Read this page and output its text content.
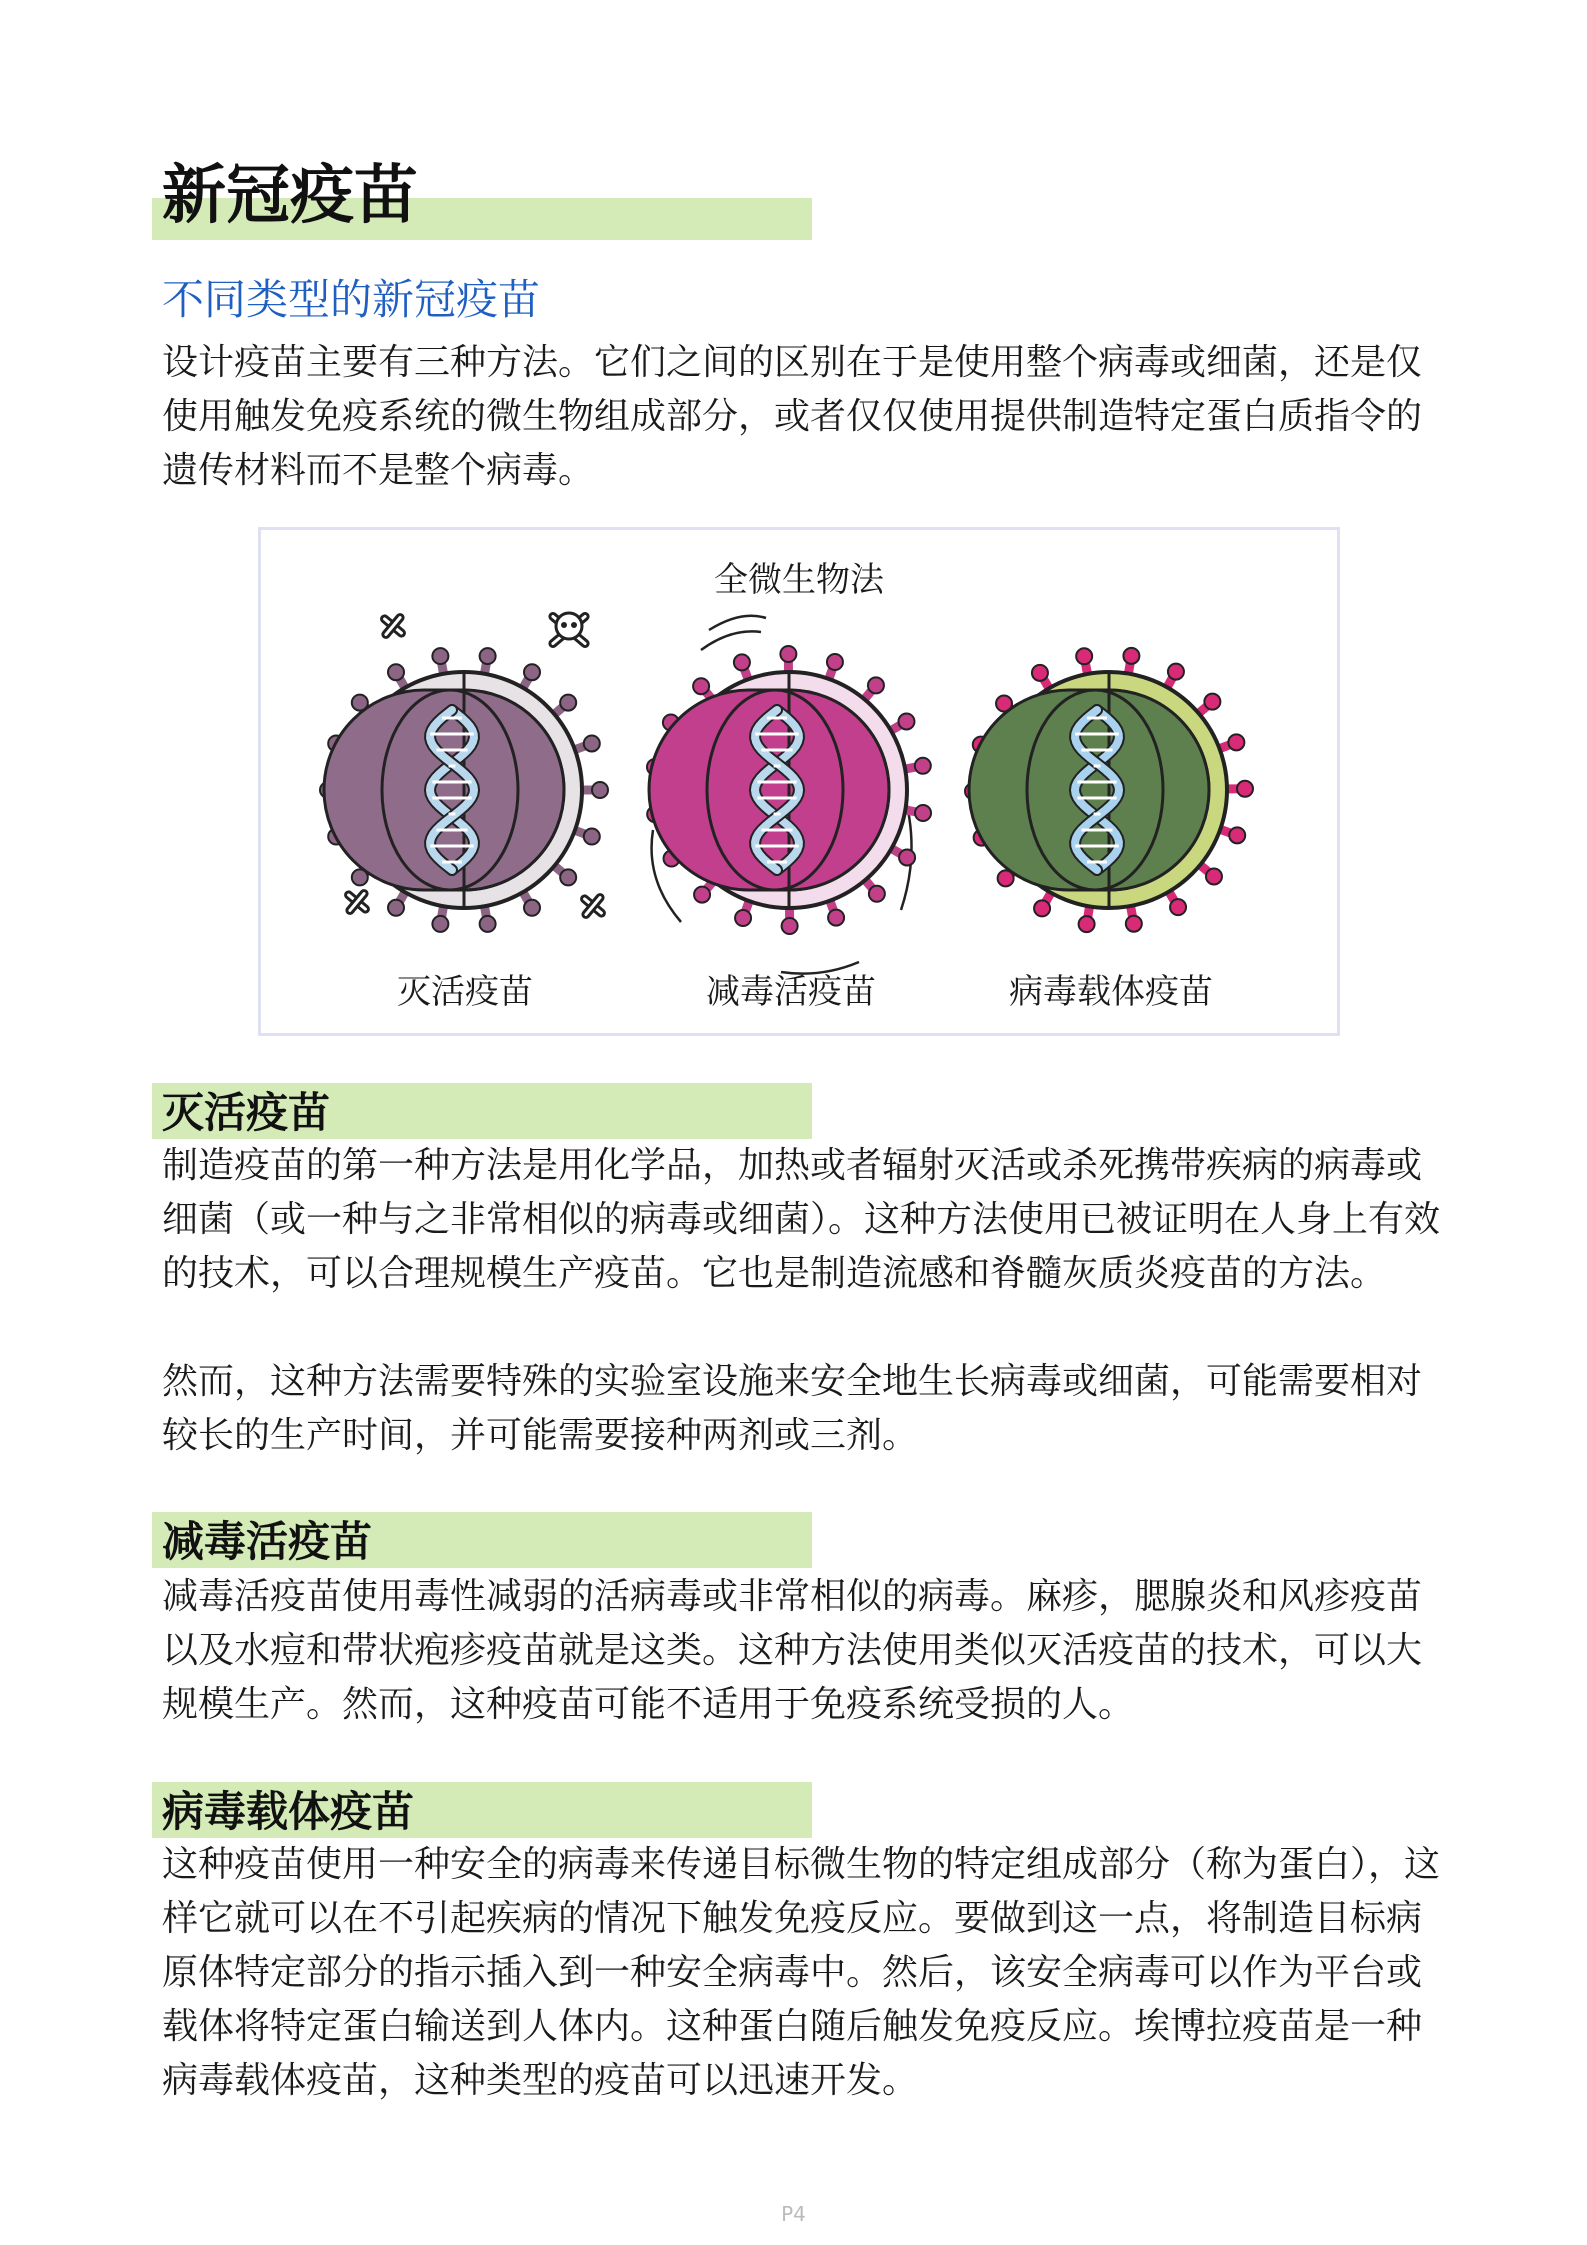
新冠疫苗
不同类型的新冠疫苗

设计疫苗主要有三种方法。它们之间的区别在于是使用整个病毒或细菌，还是仅使用触发免疫系统的微生物组成部分，或者仅仅使用提供制造特定蛋白质指令的遗传材料而不是整个病毒。

全微生物法
灭活疫苗	减毒活疫苗	病毒载体疫苗
灭活疫苗

制造疫苗的第一种方法是用化学品，加热或者辐射灭活或杀死携带疾病的病毒或细菌（或一种与之非常相似的病毒或细菌）。这种方法使用已被证明在人身上有效的技术，可以合理规模生产疫苗。它也是制造流感和脊髓灰质炎疫苗的方法。

然而，这种方法需要特殊的实验室设施来安全地生长病毒或细菌，可能需要相对较长的生产时间，并可能需要接种两剂或三剂。

减毒活疫苗

减毒活疫苗使用毒性减弱的活病毒或非常相似的病毒。麻疹，腮腺炎和风疹疫苗以及水痘和带状疱疹疫苗就是这类。这种方法使用类似灭活疫苗的技术，可以大规模生产。然而，这种疫苗可能不适用于免疫系统受损的人。

病毒载体疫苗

这种疫苗使用一种安全的病毒来传递目标微生物的特定组成部分（称为蛋白），这样它就可以在不引起疾病的情况下触发免疫反应。要做到这一点，将制造目标病原体特定部分的指示插入到一种安全病毒中。然后，该安全病毒可以作为平台或载体将特定蛋白输送到人体内。这种蛋白随后触发免疫反应。埃博拉疫苗是一种病毒载体疫苗，这种类型的疫苗可以迅速开发。

P4
